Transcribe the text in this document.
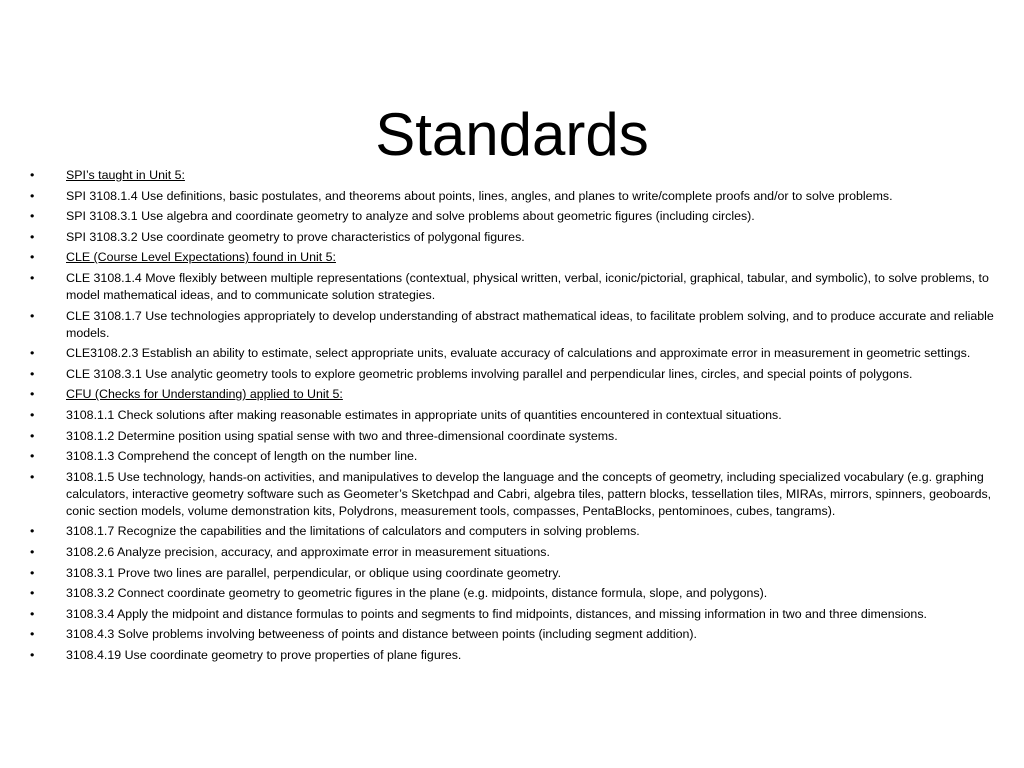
Standards
•	SPI’s taught in Unit 5:
•	SPI 3108.1.4 Use definitions, basic postulates, and theorems about points, lines, angles, and planes to write/complete proofs and/or to solve problems.
•	SPI 3108.3.1 Use algebra and coordinate geometry to analyze and solve problems about geometric figures (including circles).
•	SPI 3108.3.2 Use coordinate geometry to prove characteristics of polygonal figures.
•	CLE (Course Level Expectations) found in Unit 5:
•	CLE 3108.1.4 Move flexibly between multiple representations (contextual, physical written, verbal, iconic/pictorial, graphical, tabular, and symbolic), to solve problems, to model mathematical ideas, and to communicate solution strategies.
•	CLE 3108.1.7 Use technologies appropriately to develop understanding of abstract mathematical ideas, to facilitate problem solving, and to produce accurate and reliable models.
•	CLE3108.2.3 Establish an ability to estimate, select appropriate units, evaluate accuracy of calculations and approximate error in measurement in geometric settings.
•	CLE 3108.3.1 Use analytic geometry tools to explore geometric problems involving parallel and perpendicular lines, circles, and special points of polygons.
•	CFU (Checks for Understanding) applied to Unit 5:
•	3108.1.1 Check solutions after making reasonable estimates in appropriate units of quantities encountered in contextual situations.
•	3108.1.2 Determine position using spatial sense with two and three-dimensional coordinate systems.
•	3108.1.3 Comprehend the concept of length on the number line.
•	3108.1.5 Use technology, hands-on activities, and manipulatives to develop the language and the concepts of geometry, including specialized vocabulary (e.g. graphing calculators, interactive geometry software such as Geometer’s Sketchpad and Cabri, algebra tiles, pattern blocks, tessellation tiles, MIRAs, mirrors, spinners, geoboards, conic section models, volume demonstration kits, Polydrons, measurement tools, compasses, PentaBlocks, pentominoes, cubes, tangrams).
•	3108.1.7 Recognize the capabilities and the limitations of calculators and computers in solving problems.
•	3108.2.6 Analyze precision, accuracy, and approximate error in measurement situations.
•	3108.3.1 Prove two lines are parallel, perpendicular, or oblique using coordinate geometry.
•	3108.3.2 Connect coordinate geometry to geometric figures in the plane (e.g. midpoints, distance formula, slope, and polygons).
•	3108.3.4 Apply the midpoint and distance formulas to points and segments to find midpoints, distances, and missing information in two and three dimensions.
•	3108.4.3 Solve problems involving betweeness of points and distance between points (including segment addition).
•	3108.4.19 Use coordinate geometry to prove properties of plane figures.
